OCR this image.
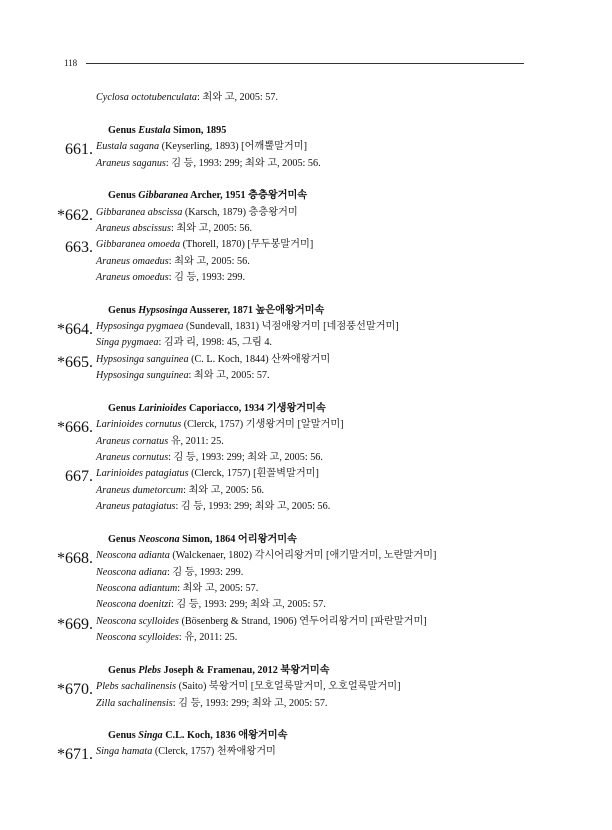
118
Cyclosa octotubenculata: 최와 고, 2005: 57.
Genus Eustala Simon, 1895
661. Eustala sagana (Keyserling, 1893) [어깨뿔말거미]
Araneus saganus: 김 등, 1993: 299; 최와 고, 2005: 56.
Genus Gibbaranea Archer, 1951 층층왕거미속
*662. Gibbaranea abscissa (Karsch, 1879) 층층왕거미
Araneus abscissus: 최와 고, 2005: 56.
663. Gibbaranea omoeda (Thorell, 1870) [무두봉말거미]
Araneus omaedus: 최와 고, 2005: 56.
Araneus omoedus: 김 등, 1993: 299.
Genus Hypsosinga Ausserer, 1871 높은애왕거미속
*664. Hypsosinga pygmaea (Sundevall, 1831) 넉점애왕거미 [네점풍선말거미]
Singa pygmaea: 김과 리, 1998: 45, 그림 4.
*665. Hypsosinga sanguinea (C. L. Koch, 1844) 산짜애왕거미
Hypsosinga sunguinea: 최와 고, 2005: 57.
Genus Larinioides Caporiacco, 1934 기생왕거미속
*666. Larinioides cornutus (Clerck, 1757) 기생왕거미 [알말거미]
Araneus cornatus 유, 2011: 25.
Araneus cornutus: 김 등, 1993: 299; 최와 고, 2005: 56.
667. Larinioides patagiatus (Clerck, 1757) [흰꼴벽말거미]
Araneus dumetorcum: 최와 고, 2005: 56.
Araneus patagiatus: 김 등, 1993: 299; 최와 고, 2005: 56.
Genus Neoscona Simon, 1864 어리왕거미속
*668. Neoscona adianta (Walckenaer, 1802) 각시어리왕거미 [애기말거미, 노란말거미]
Neoscona adiana: 김 등, 1993: 299.
Neoscona adiantum: 최와 고, 2005: 57.
Neoscona doenitzi: 김 등, 1993: 299; 최와 고, 2005: 57.
*669. Neoscona scylloides (Bösenberg & Strand, 1906) 연두어리왕거미 [파란말거미]
Neoscona scylloides: 유, 2011: 25.
Genus Plebs Joseph & Framenau, 2012 북왕거미속
*670. Plebs sachalinensis (Saito) 북왕거미 [모호얼룩말거미, 오호얼룩말거미]
Zilla sachalinensis: 김 등, 1993: 299; 최와 고, 2005: 57.
Genus Singa C.L. Koch, 1836 애왕거미속
*671. Singa hamata (Clerck, 1757) 천짜애왕거미
